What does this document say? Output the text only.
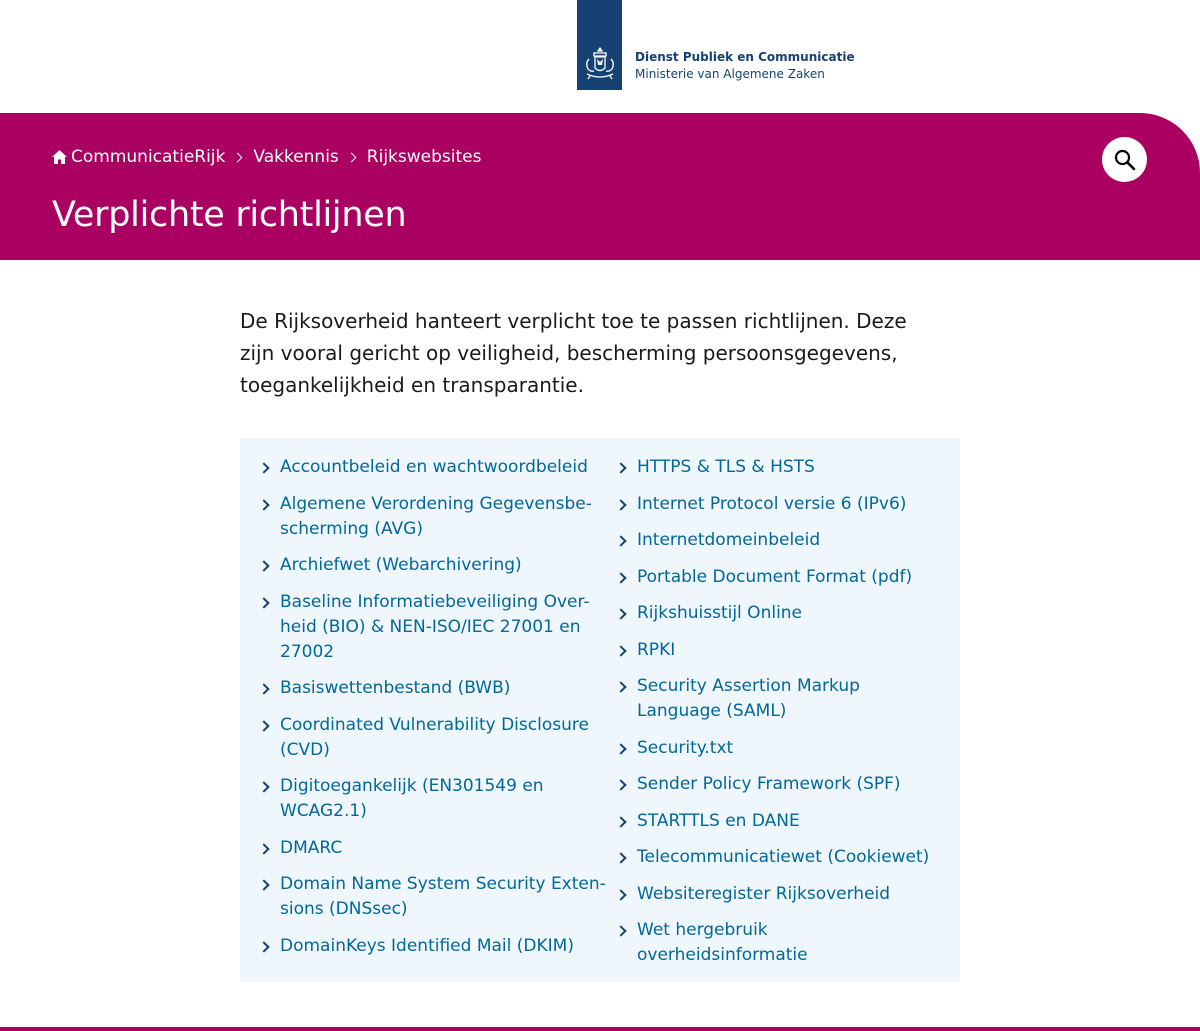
Dienst Publiek en Communicatie
Ministerie van Algemene Zaken
CommunicatieRijk Vakkennis Rijkswebsites
Verplichte richtlijnen

De Rijksoverheid hanteert verplicht toe te passen richtlijnen. Deze zijn vooral gericht op veiligheid, bescherming persoonsgegevens, toegankelijkheid en transparantie.

Accountbeleid en wachtwoordbeleid
Algemene Verordening Gegevensbe-scherming (AVG)
Archiefwet (Webarchivering)
Baseline Informatiebeveiliging Over-heid (BIO) & NEN-ISO/IEC 27001 en 27002
Basiswettenbestand (BWB)
Coordinated Vulnerability Disclosure (CVD)
Digitoegankelijk (EN301549 en WCAG2.1)
DMARC
Domain Name System Security Exten-sions (DNSsec)
DomainKeys Identified Mail (DKIM)
HTTPS & TLS & HSTS
Internet Protocol versie 6 (IPv6)
Internetdomeinbeleid
Portable Document Format (pdf)
Rijkshuisstijl Online
RPKI
Security Assertion Markup Language (SAML)
Security.txt
Sender Policy Framework (SPF)
STARTTLS en DANE
Telecommunicatiewet (Cookiewet)
Websiteregister Rijksoverheid
Wet hergebruik overheidsinformatie
